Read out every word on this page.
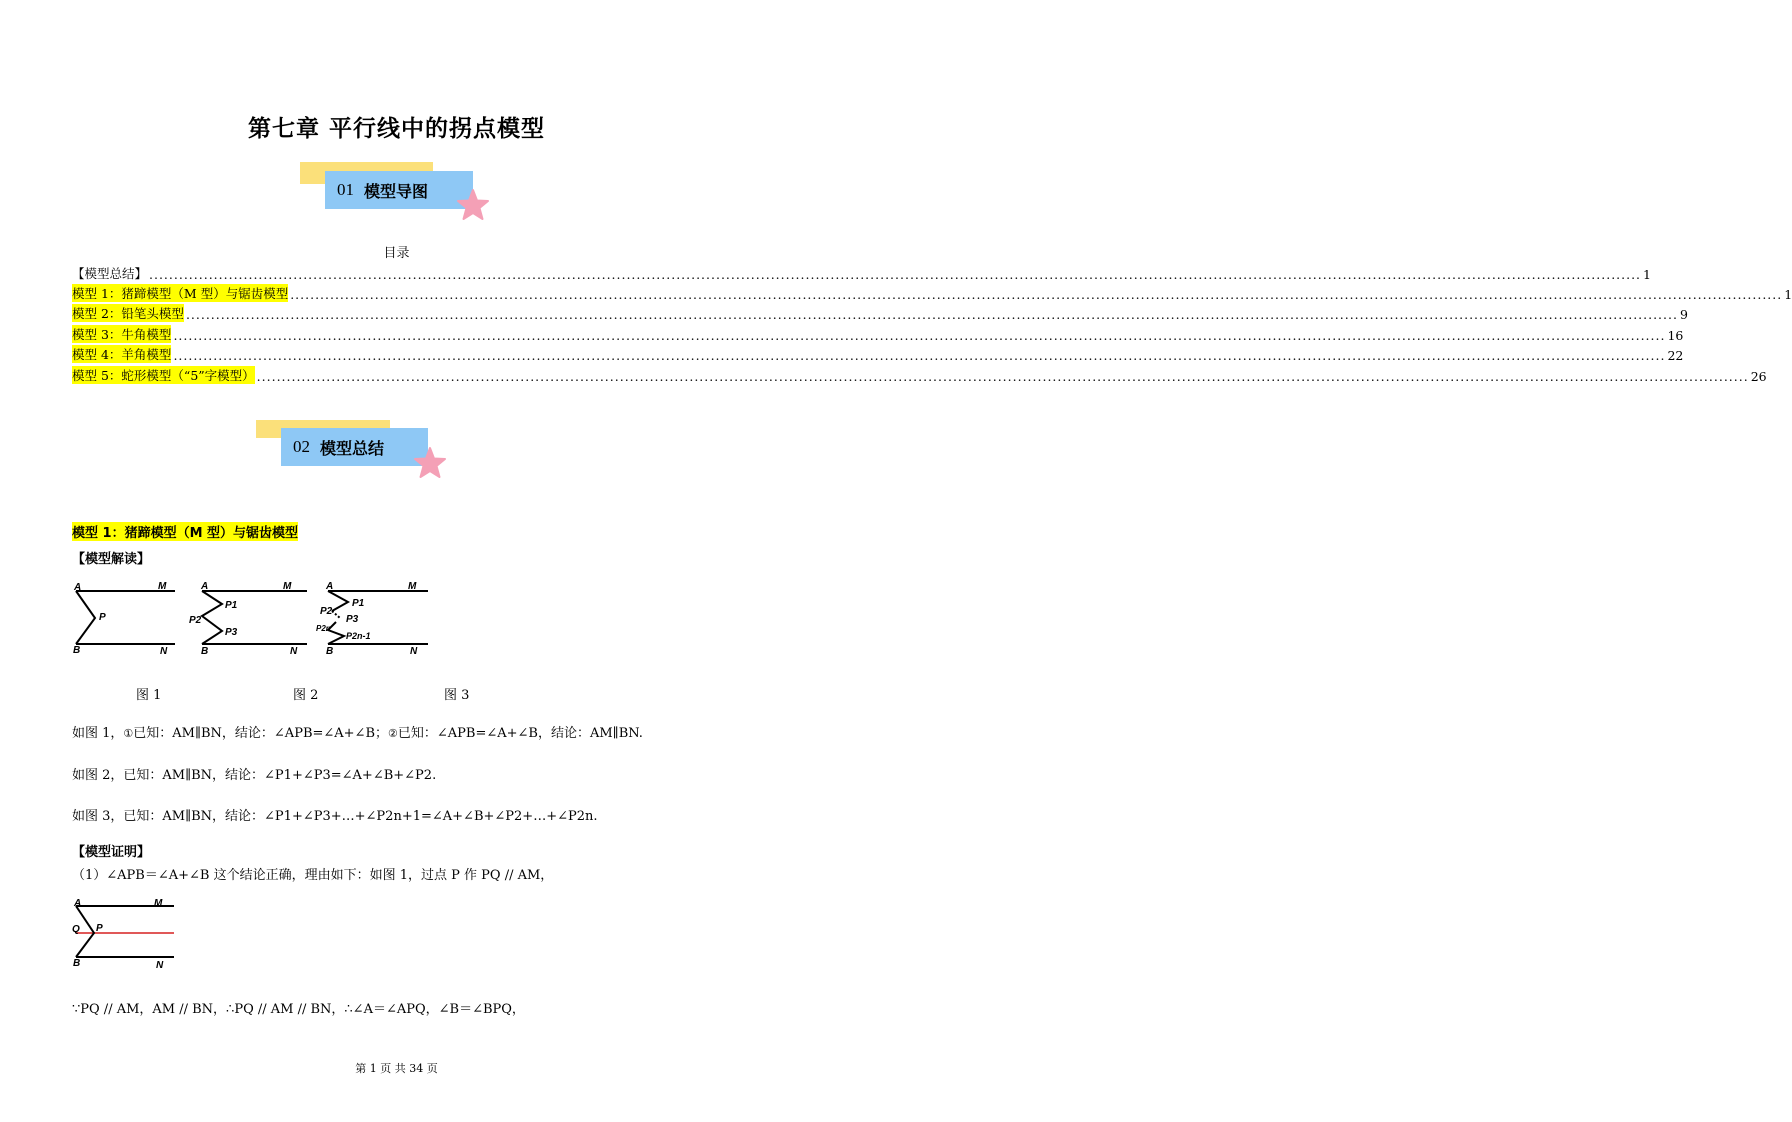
第七章 平行线中的拐点模型
01 模型导图
目录
【模型总结】 ............................................................................................................................................................................................................................................................................................................ 1
模型 1：猪蹄模型（M 型）与锯齿模型 ............................................................................................................................................................................................................................................................................................................ 1
模型 2：铅笔头模型 ............................................................................................................................................................................................................................................................................................................ 9
模型 3：牛角模型 ............................................................................................................................................................................................................................................................................................................ 16
模型 4：羊角模型 ............................................................................................................................................................................................................................................................................................................ 22
模型 5：蛇形模型（“5”字模型） ............................................................................................................................................................................................................................................................................................................ 26
02 模型总结
模型 1：猪蹄模型（M 型）与锯齿模型
【模型解读】
A	M
P
B	N
A	M
P1
P2
P3
B	N
A	M
P1
P2
P3
P2n
P2n-1
B	N
图 1	图 2	图 3
如图 1，①已知：AM∥BN，结论：∠APB=∠A+∠B；②已知：∠APB=∠A+∠B，结论：AM∥BN.
如图 2，已知：AM∥BN，结论：∠P1+∠P3=∠A+∠B+∠P2.
如图 3，已知：AM∥BN，结论：∠P1+∠P3+…+∠P2n+1=∠A+∠B+∠P2+…+∠P2n.
【模型证明】
（1）∠APB＝∠A+∠B 这个结论正确，理由如下：如图 1，过点 P 作 PQ // AM，
A	M
Q P
B	N
∵PQ // AM，AM // BN，∴PQ // AM // BN，∴∠A＝∠APQ，∠B＝∠BPQ，
第 1 页 共 34 页
